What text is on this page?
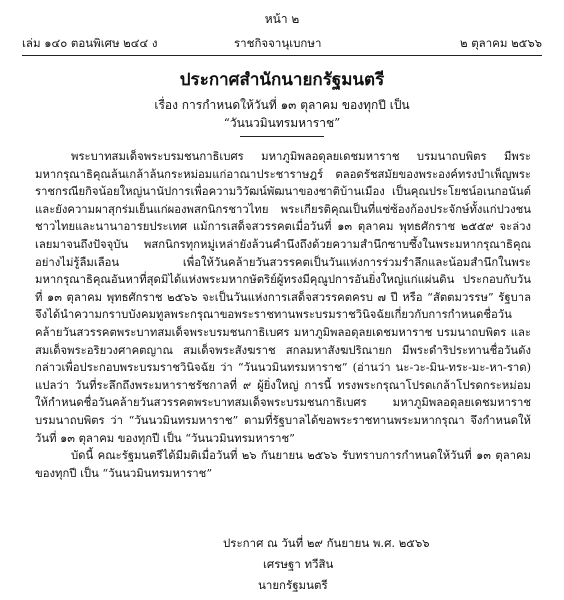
หน้า ๒
เล่ม ๑๔๐ ตอนพิเศษ ๒๔๔ ง	ราชกิจจานุเบกษา	๒ ตุลาคม ๒๕๖๖
ประกาศสำนักนายกรัฐมนตรี
เรื่อง การกำหนดให้วันที่ ๑๓ ตุลาคม ของทุกปี เป็น
“วันนวมินทรมหาราช”

พระบาทสมเด็จพระบรมชนกาธิเบศร มหาภูมิพลอดุลยเดชมหาราช บรมนาถบพิตร มีพระมหากรุณาธิคุณล้นเกล้าล้นกระหม่อมแก่อาณาประชาราษฎร์ ตลอดรัชสมัยของพระองค์ทรงบำเพ็ญพระราชกรณียกิจน้อยใหญ่นานัปการเพื่อความวิวัฒน์พัฒนาของชาติบ้านเมือง เป็นคุณประโยชน์อเนกอนันต์และยังความผาสุกร่มเย็นแก่ผองพสกนิกรชาวไทย พระเกียรติคุณเป็นที่แซ่ซ้องก้องประจักษ์ทั้งแก่ปวงชนชาวไทยและนานาอารยประเทศ แม้การเสด็จสวรรคตเมื่อวันที่ ๑๓ ตุลาคม พุทธศักราช ๒๕๕๙ จะล่วงเลยมาจนถึงปัจจุบัน พสกนิกรทุกหมู่เหล่ายังล้วนคำนึงถึงด้วยความสำนึกซาบซึ้งในพระมหากรุณาธิคุณอย่างไม่รู้ลืมเลือน เพื่อให้วันคล้ายวันสวรรคตเป็นวันแห่งการร่วมรำลึกและน้อมสำนึกในพระมหากรุณาธิคุณอันหาที่สุดมิได้แห่งพระมหากษัตริย์ผู้ทรงมีคุณูปการอันยิ่งใหญ่แก่แผ่นดิน ประกอบกับวันที่ ๑๓ ตุลาคม พุทธศักราช ๒๕๖๖ จะเป็นวันแห่งการเสด็จสวรรคตครบ ๗ ปี หรือ “สัตตมวรรษ” รัฐบาลจึงได้นำความกราบบังคมทูลพระกรุณาขอพระราชทานพระบรมราชวินิจฉัยเกี่ยวกับการกำหนดชื่อวันคล้ายวันสวรรคตพระบาทสมเด็จพระบรมชนกาธิเบศร มหาภูมิพลอดุลยเดชมหาราช บรมนาถบพิตร และสมเด็จพระอริยวงศาคตญาณ สมเด็จพระสังฆราช สกลมหาสังฆปริณายก มีพระดำริประทานชื่อวันดังกล่าวเพื่อประกอบพระบรมราชวินิจฉัย ว่า “วันนวมินทรมหาราช” (อ่านว่า นะ-วะ-มิน-ทระ-มะ-หา-ราด) แปลว่า วันที่ระลึกถึงพระมหาราชรัชกาลที่ ๙ ผู้ยิ่งใหญ่ การนี้ ทรงพระกรุณาโปรดเกล้าโปรดกระหม่อมให้กำหนดชื่อวันคล้ายวันสวรรคตพระบาทสมเด็จพระบรมชนกาธิเบศร มหาภูมิพลอดุลยเดชมหาราช บรมนาถบพิตร ว่า “วันนวมินทรมหาราช” ตามที่รัฐบาลได้ขอพระราชทานพระมหากรุณา จึงกำหนดให้วันที่ ๑๓ ตุลาคม ของทุกปี เป็น “วันนวมินทรมหาราช”

บัดนี้ คณะรัฐมนตรีได้มีมติเมื่อวันที่ ๒๖ กันยายน ๒๕๖๖ รับทราบการกำหนดให้วันที่ ๑๓ ตุลาคม ของทุกปี เป็น “วันนวมินทรมหาราช”

ประกาศ ณ วันที่ ๒๙ กันยายน พ.ศ. ๒๕๖๖
เศรษฐา ทวีสิน
นายกรัฐมนตรี
